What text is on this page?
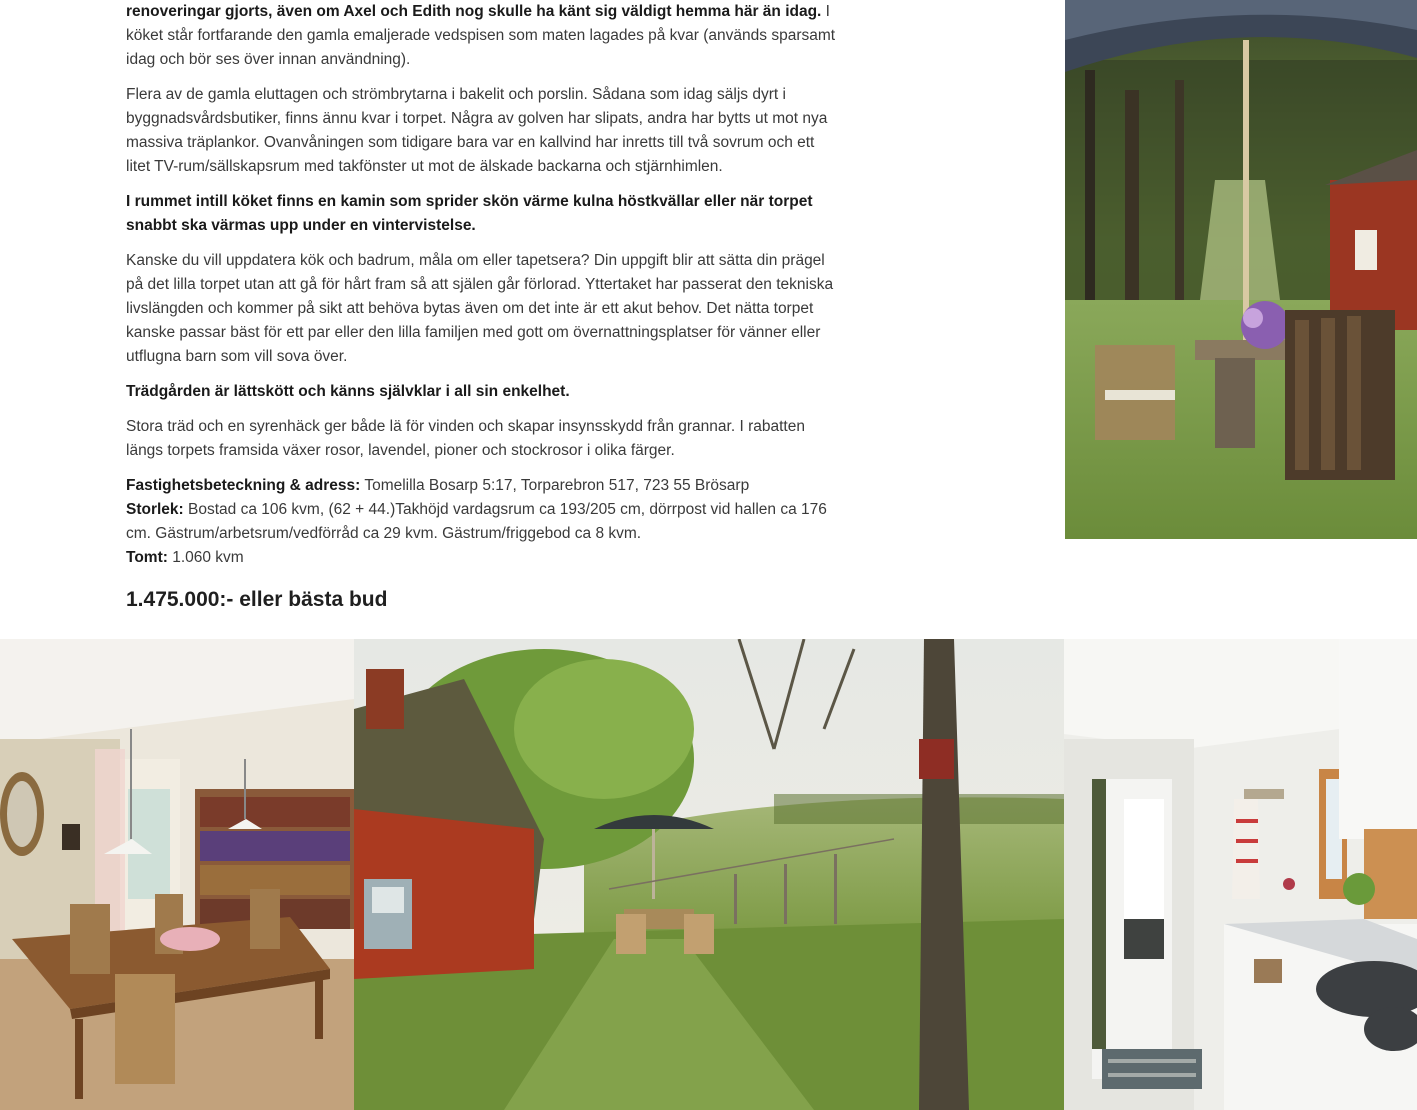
renoveringar gjorts, även om Axel och Edith nog skulle ha känt sig väldigt hemma här än idag. I köket står fortfarande den gamla emaljerade vedspisen som maten lagades på kvar (används sparsamt idag och bör ses över innan användning).

Flera av de gamla eluttagen och strömbrytarna i bakelit och porslin. Sådana som idag säljs dyrt i byggnadsvårdsbutiker, finns ännu kvar i torpet. Några av golven har slipats, andra har bytts ut mot nya massiva träplankor. Ovanvåningen som tidigare bara var en kallvind har inretts till två sovrum och ett litet TV-rum/sällskapsrum med takfönster ut mot de älskade backarna och stjärnhimlen.

I rummet intill köket finns en kamin som sprider skön värme kulna höstkvällar eller när torpet snabbt ska värmas upp under en vintervistelse.

Kanske du vill uppdatera kök och badrum, måla om eller tapetsera? Din uppgift blir att sätta din prägel på det lilla torpet utan att gå för hårt fram så att själen går förlorad. Yttertaket har passerat den tekniska livslängden och kommer på sikt att behöva bytas även om det inte är ett akut behov. Det nätta torpet kanske passar bäst för ett par eller den lilla familjen med gott om övernattningsplatser för vänner eller utflugna barn som vill sova över.

Trädgården är lättskött och känns självklar i all sin enkelhet.

Stora träd och en syrenhäck ger både lä för vinden och skapar insynsskydd från grannar. I rabatten längs torpets framsida växer rosor, lavendel, pioner och stockrosor i olika färger.

Fastighetsbeteckning & adress: Tomelilla Bosarp 5:17, Torparebron 517, 723 55 Brösarp
Storlek: Bostad ca 106 kvm, (62 + 44.)Takhöjd vardagsrum ca 193/205 cm, dörrpost vid hallen ca 176 cm. Gästrum/arbetsrum/vedförråd ca 29 kvm. Gästrum/friggebod ca 8 kvm.
Tomt: 1.060 kvm
1.475.000:- eller bästa bud
